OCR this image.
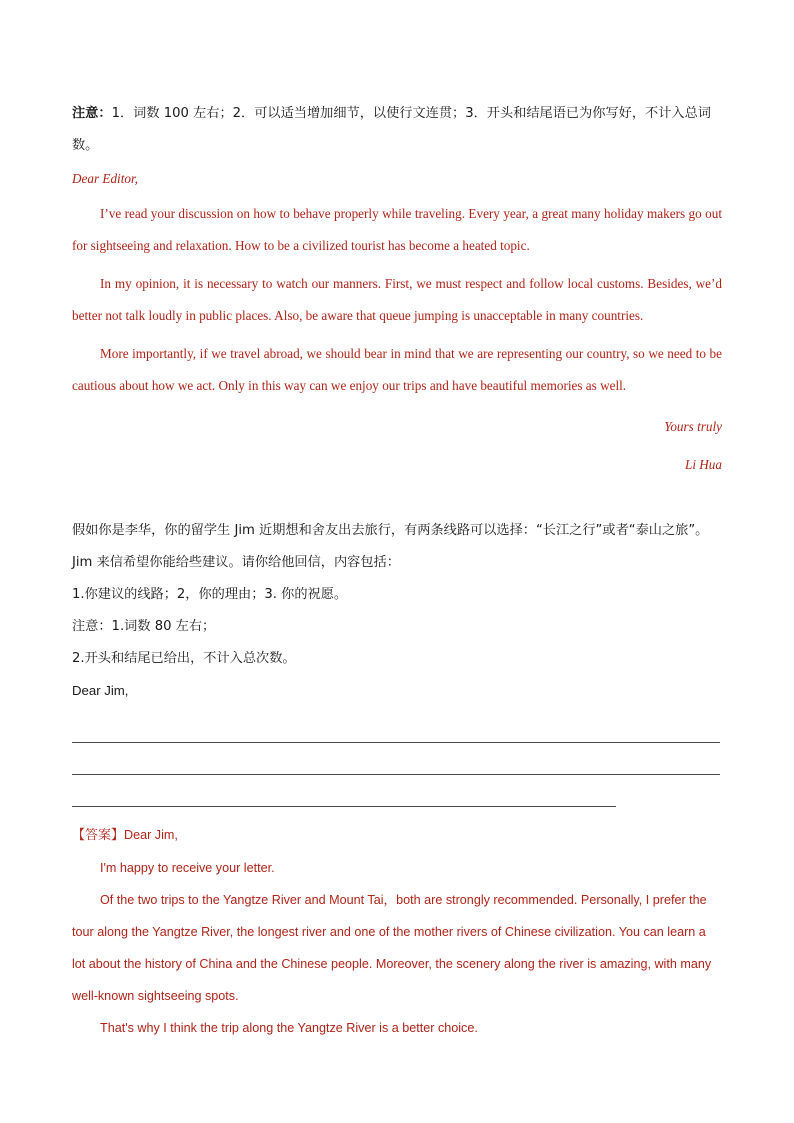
注意：1．词数 100 左右；2．可以适当增加细节，以使行文连贯；3．开头和结尾语已为你写好，不计入总词数。
Dear Editor,

I’ve read your discussion on how to behave properly while traveling. Every year, a great many holiday makers go out for sightseeing and relaxation. How to be a civilized tourist has become a heated topic.

In my opinion, it is necessary to watch our manners. First, we must respect and follow local customs. Besides, we’d better not talk loudly in public places. Also, be aware that queue jumping is unacceptable in many countries.

More importantly, if we travel abroad, we should bear in mind that we are representing our country, so we need to be cautious about how we act. Only in this way can we enjoy our trips and have beautiful memories as well.

Yours truly
Li Hua

假如你是李华，你的留学生 Jim 近期想和舍友出去旅行，有两条线路可以选择：“长江之行”或者“泰山之旅”。Jim 来信希望你能给些建议。请你给他回信，内容包括：

1.你建议的线路；2，你的理由；3. 你的祝愿。

注意：1.词数 80 左右；

2.开头和结尾已给出，不计入总次数。

Dear Jim,

【答案】Dear Jim,

I'm happy to receive your letter.

Of the two trips to the Yangtze River and Mount Tai，both are strongly recommended. Personally, I prefer the tour along the Yangtze River, the longest river and one of the mother rivers of Chinese civilization. You can learn a lot about the history of China and the Chinese people. Moreover, the scenery along the river is amazing, with many well-known sightseeing spots.

That's why I think the trip along the Yangtze River is a better choice.
